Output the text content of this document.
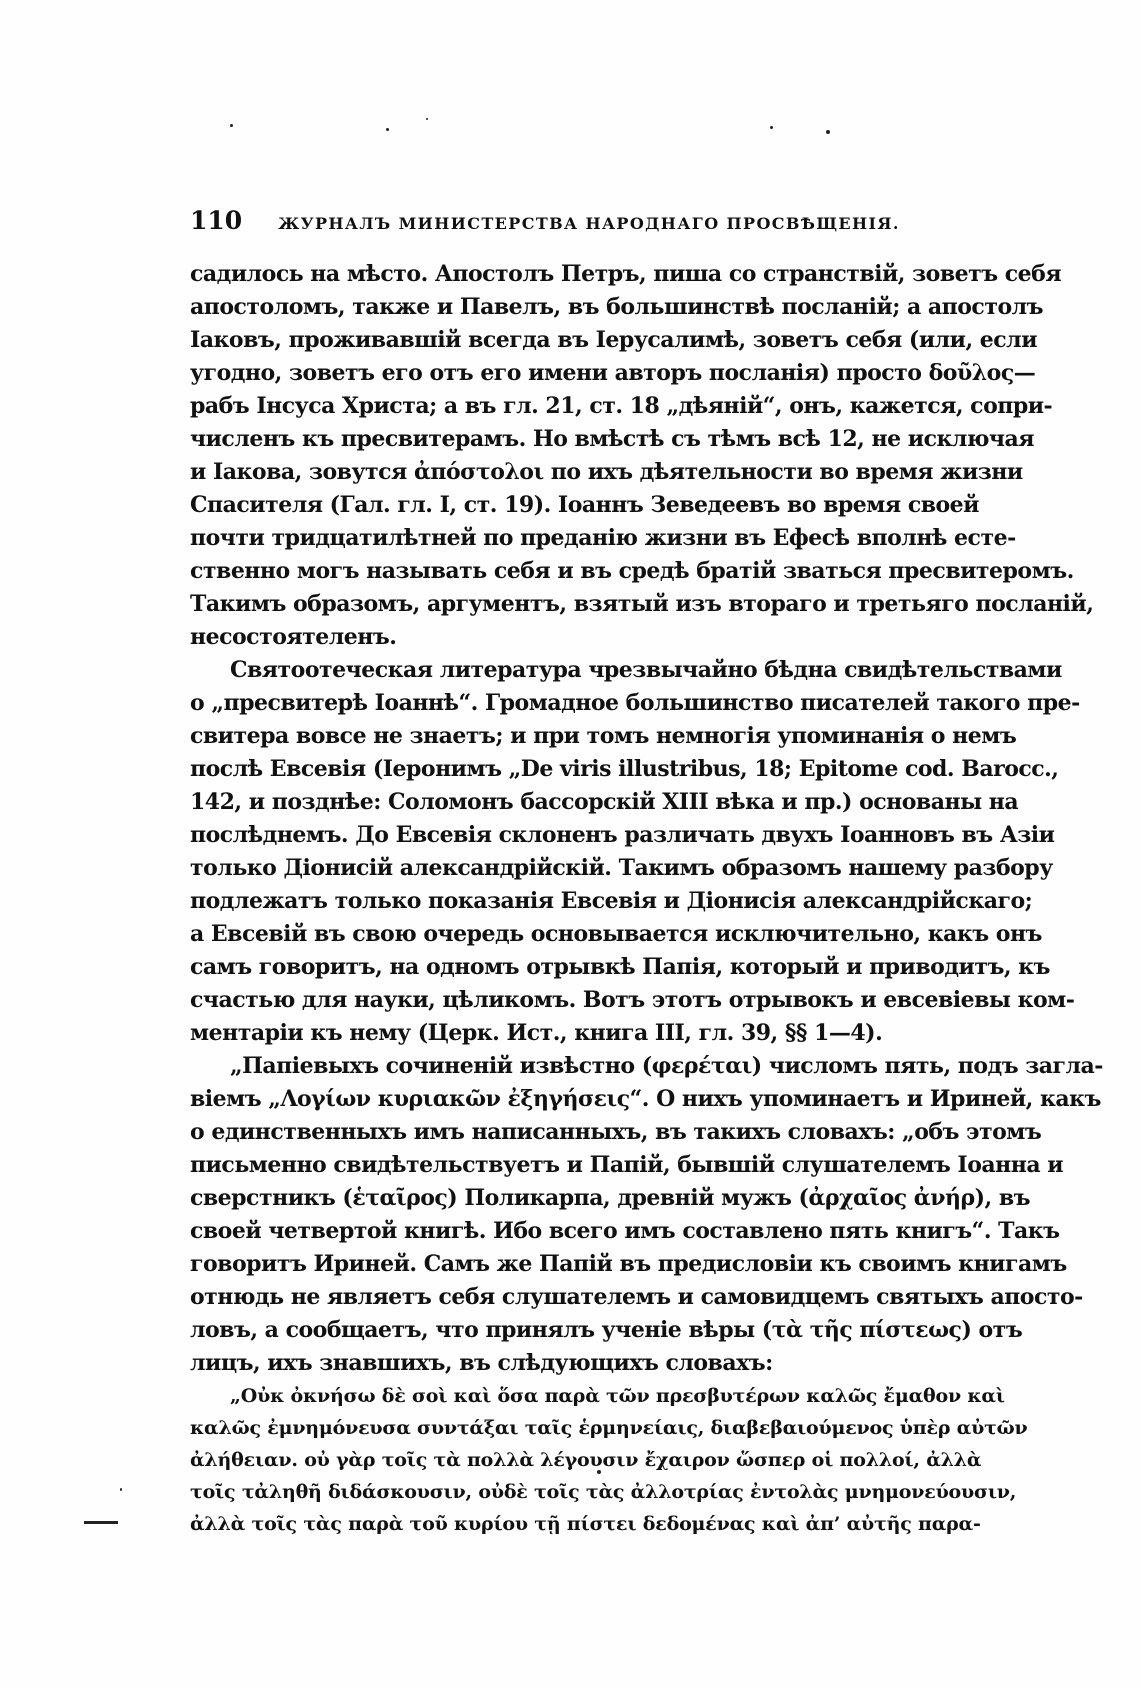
110 ЖУРНАЛЪ МИНИСТЕРСТВА НАРОДНАГО ПРОСВѢЩЕНІЯ.
садилось на мѣсто. Апостолъ Петръ, пиша со странствій, зоветъ себя
апостоломъ, также и Павелъ, въ большинствѣ посланій; а апостолъ
Іаковъ, проживавшій всегда въ Іерусалимѣ, зоветъ себя (или, если
угодно, зоветъ его отъ его имени авторъ посланія) просто δοῦλος—
рабъ Інсуса Христа; а въ гл. 21, ст. 18 „дѣяній“, онъ, кажется, сопри-
численъ къ пресвитерамъ. Но вмѣстѣ съ тѣмъ всѣ 12, не исключая
и Іакова, зовутся ἀπόστολοι по ихъ дѣятельности во время жизни
Спасителя (Гал. гл. I, ст. 19). Іоаннъ Зеведеевъ во время своей
почти тридцатилѣтней по преданію жизни въ Ефесѣ вполнѣ есте-
ственно могъ называть себя и въ средѣ братій зваться пресвитеромъ.
Такимъ образомъ, аргументъ, взятый изъ втораго и третьяго посланій,
несостоятеленъ.
Святоотеческая литература чрезвычайно бѣдна свидѣтельствами
о „пресвитерѣ Іоаннѣ“. Громадное большинство писателей такого пре-
свитера вовсе не знаетъ; и при томъ немногія упоминанія о немъ
послѣ Евсевія (Іеронимъ „De viris illustribus, 18; Epitome cod. Barocc.,
142, и позднѣе: Соломонъ бассорскій XIII вѣка и пр.) основаны на
послѣднемъ. До Евсевія склоненъ различать двухъ Іоанновъ въ Азіи
только Діонисій александрійскій. Такимъ образомъ нашему разбору
подлежатъ только показанія Евсевія и Діонисія александрійскаго;
а Евсевій въ свою очередь основывается исключительно, какъ онъ
самъ говоритъ, на одномъ отрывкѣ Папія, который и приводитъ, къ
счастью для науки, цѣликомъ. Вотъ этотъ отрывокъ и евсевіевы ком-
ментаріи къ нему (Церк. Ист., книга III, гл. 39, §§ 1—4).
„Папіевыхъ сочиненій извѣстно (φερέται) числомъ пять, подъ загла-
віемъ „Λογίων κυριακῶν ἐξηγήσεις“. О нихъ упоминаетъ и Ириней, какъ
о единственныхъ имъ написанныхъ, въ такихъ словахъ: „объ этомъ
письменно свидѣтельствуетъ и Папій, бывшій слушателемъ Іоанна и
сверстникъ (ἑταῖρος) Поликарпа, древній мужъ (ἀρχαῖος ἀνήρ), въ
своей четвертой книгѣ. Ибо всего имъ составлено пять книгъ“. Такъ
говоритъ Ириней. Самъ же Папій въ предисловіи къ своимъ книгамъ
отнюдь не являетъ себя слушателемъ и самовидцемъ святыхъ апосто-
ловъ, а сообщаетъ, что принялъ ученіе вѣры (τὰ τῆς πίστεως) отъ
лицъ, ихъ знавшихъ, въ слѣдующихъ словахъ:
„Οὐκ ὀκνήσω δὲ σοὶ καὶ ὅσα παρὰ τῶν πρεσβυτέρων καλῶς ἔμαθον καὶ
καλῶς ἐμνημόνευσα συντάξαι ταῖς ἑρμηνείαις, διαβεβαιούμενος ὑπὲρ αὐτῶν
ἀλήθειαν. οὐ γὰρ τοῖς τὰ πολλὰ λέγουσιν ἔχαιρον ὥσπερ οἱ πολλοί, ἀλλὰ
τοῖς τἀληθῆ διδάσκουσιν, οὐδὲ τοῖς τὰς ἀλλοτρίας ἐντολὰς μνημονεύουσιν,
ἀλλὰ τοῖς τὰς παρὰ τοῦ κυρίου τῇ πίστει δεδομένας καὶ ἀπ’ αὐτῆς παρα-
